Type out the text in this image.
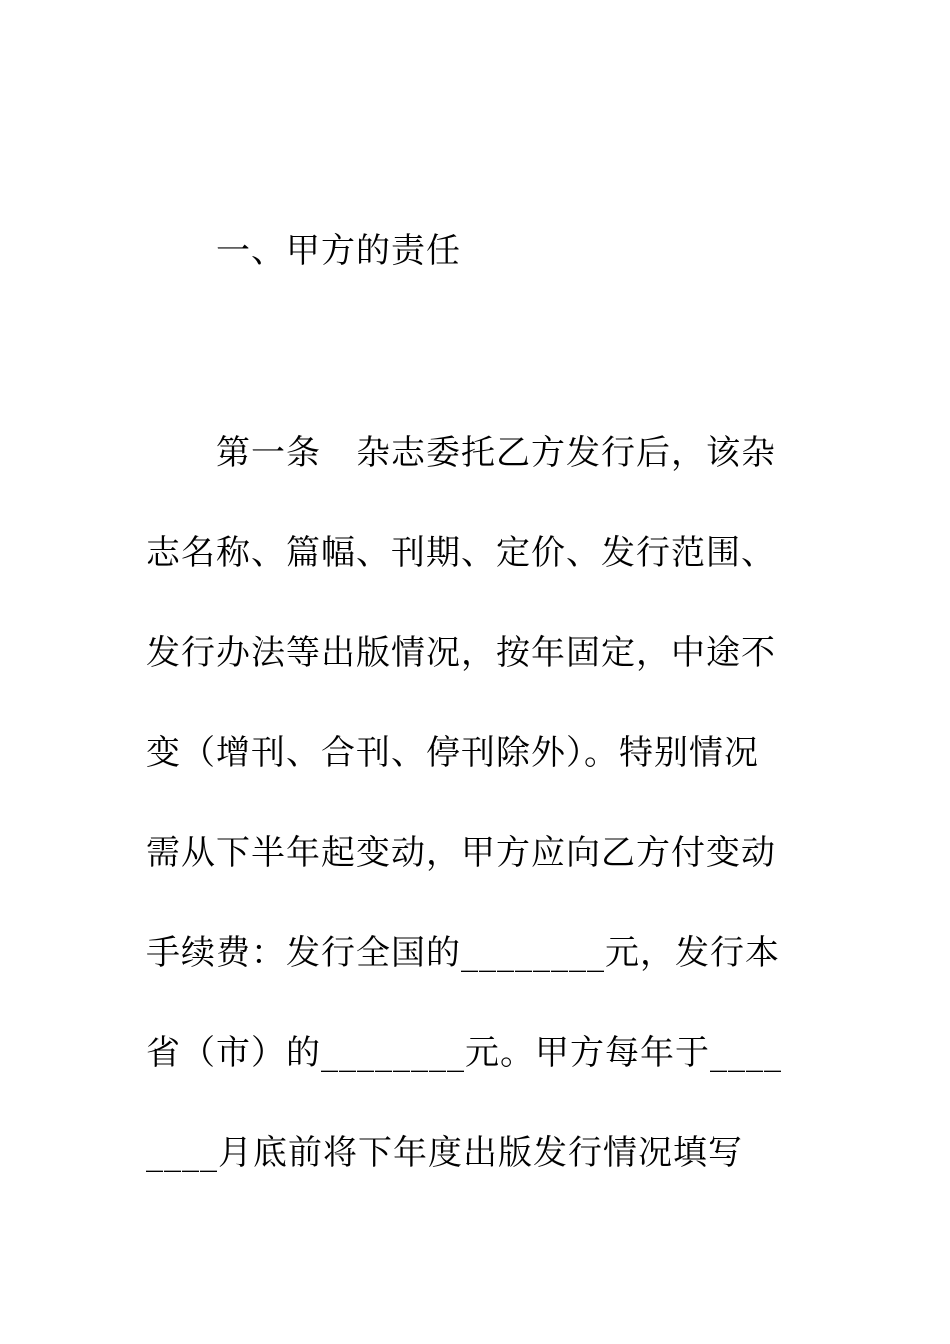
一、甲方的责任
第一条　杂志委托乙方发行后，该杂
志名称、篇幅、刊期、定价、发行范围、
发行办法等出版情况，按年固定，中途不
变（增刊、合刊、停刊除外）。特别情况
需从下半年起变动，甲方应向乙方付变动
手续费：发行全国的________元，发行本
省（市）的________元。甲方每年于____
____月底前将下年度出版发行情况填写
